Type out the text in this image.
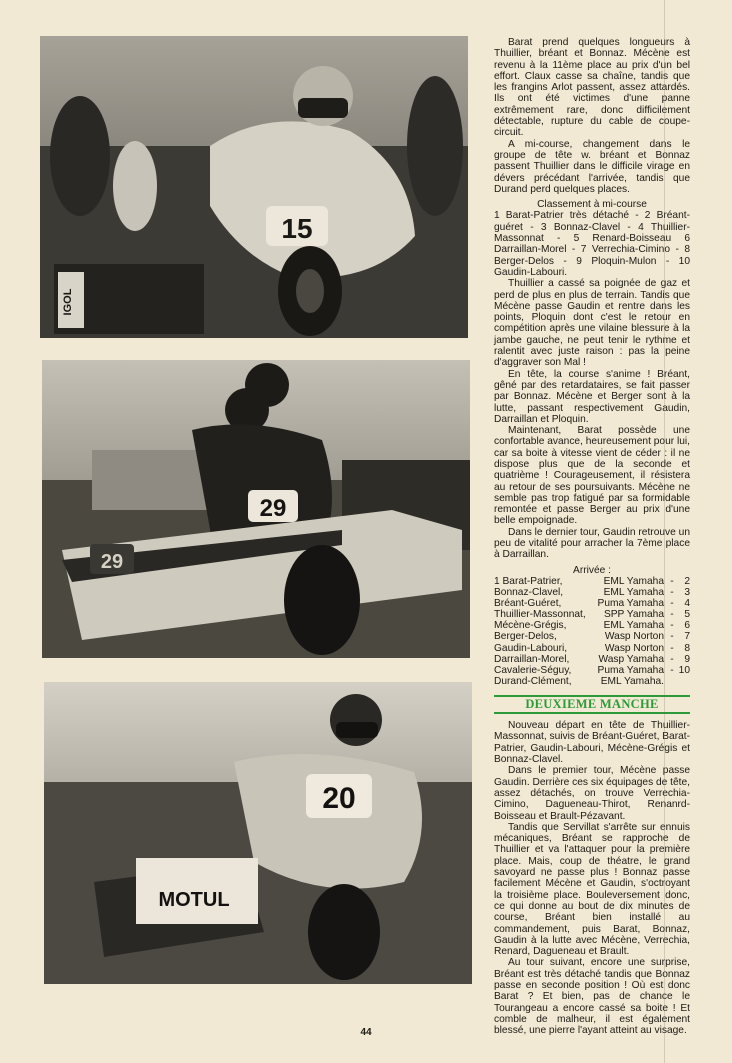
15
IGOL
29
29
20
MOTUL

Barat prend quelques longueurs à Thuillier, bréant et Bonnaz. Mécène est revenu à la 11ème place au prix d'un bel effort. Claux casse sa chaîne, tandis que les frangins Arlot passent, assez attardés. Ils ont été victimes d'une panne extrêmement rare, donc difficilement détectable, rupture du cable de coupe-circuit.

A mi-course, changement dans le groupe de tête w. bréant et Bonnaz passent Thuillier dans le difficile virage en dévers précédant l'arrivée, tandis que Durand perd quelques places.

Classement à mi-course

1 Barat-Patrier très détaché - 2 Bréant-guéret - 3 Bonnaz-Clavel - 4 Thuillier-Massonnat - 5 Renard-Boisseau 6 Darraillan-Morel - 7 Verrechia-Cimino - 8 Berger-Delos - 9 Ploquin-Mulon - 10 Gaudin-Labouri.

Thuillier a cassé sa poignée de gaz et perd de plus en plus de terrain. Tandis que Mécène passe Gaudin et rentre dans les points, Ploquin dont c'est le retour en compétition après une vilaine blessure à la jambe gauche, ne peut tenir le rythme et ralentit avec juste raison : pas la peine d'aggraver son Mal !

En tête, la course s'anime ! Bréant, gêné par des retardataires, se fait passer par Bonnaz. Mécène et Berger sont à la lutte, passant respectivement Gaudin, Darraillan et Ploquin.

Maintenant, Barat possède une confortable avance, heureusement pour lui, car sa boite à vitesse vient de céder : il ne dispose plus que de la seconde et quatrième ! Courageusement, il résistera au retour de ses poursuivants. Mécène ne semble pas trop fatigué par sa formidable remontée et passe Berger au prix d'une belle empoignade.

Dans le dernier tour, Gaudin retrouve un peu de vitalité pour arracher la 7ème place à Darraillan.

Arrivée :
1 Barat-Patrier,	EML Yamaha	-	2
Bonnaz-Clavel,	EML Yamaha	-	3
Bréant-Guéret,	Puma Yamaha	-	4
Thuillier-Massonnat,	SPP Yamaha	-	5
Mécène-Grégis,	EML Yamaha	-	6
Berger-Delos,	Wasp Norton	-	7
Gaudin-Labouri,	Wasp Norton	-	8
Darraillan-Morel,	Wasp Yamaha	-	9
Cavalerie-Séguy,	Puma Yamaha	-	10
Durand-Clément,	EML Yamaha.		
DEUXIEME MANCHE

Nouveau départ en tête de Thuillier-Massonnat, suivis de Bréant-Guéret, Barat-Patrier, Gaudin-Labouri, Mécène-Grégis et Bonnaz-Clavel.

Dans le premier tour, Mécène passe Gaudin. Derrière ces six équipages de tête, assez détachés, on trouve Verrechia-Cimino, Dagueneau-Thirot, Renanrd-Boisseau et Brault-Pézavant.

Tandis que Servillat s'arrête sur ennuis mécaniques, Bréant se rapproche de Thuillier et va l'attaquer pour la première place. Mais, coup de théatre, le grand savoyard ne passe plus ! Bonnaz passe facilement Mécène et Gaudin, s'octroyant la troisième place. Bouleversement donc, ce qui donne au bout de dix minutes de course, Bréant bien installé au commandement, puis Barat, Bonnaz, Gaudin à la lutte avec Mécène, Verrechia, Renard, Dagueneau et Brault.

Au tour suivant, encore une surprise, Bréant est très détaché tandis que Bonnaz passe en seconde position ! Où est donc Barat ? Et bien, pas de chance le Tourangeau a encore cassé sa boite ! Et comble de malheur, il est également blessé, une pierre l'ayant atteint au visage.

44
